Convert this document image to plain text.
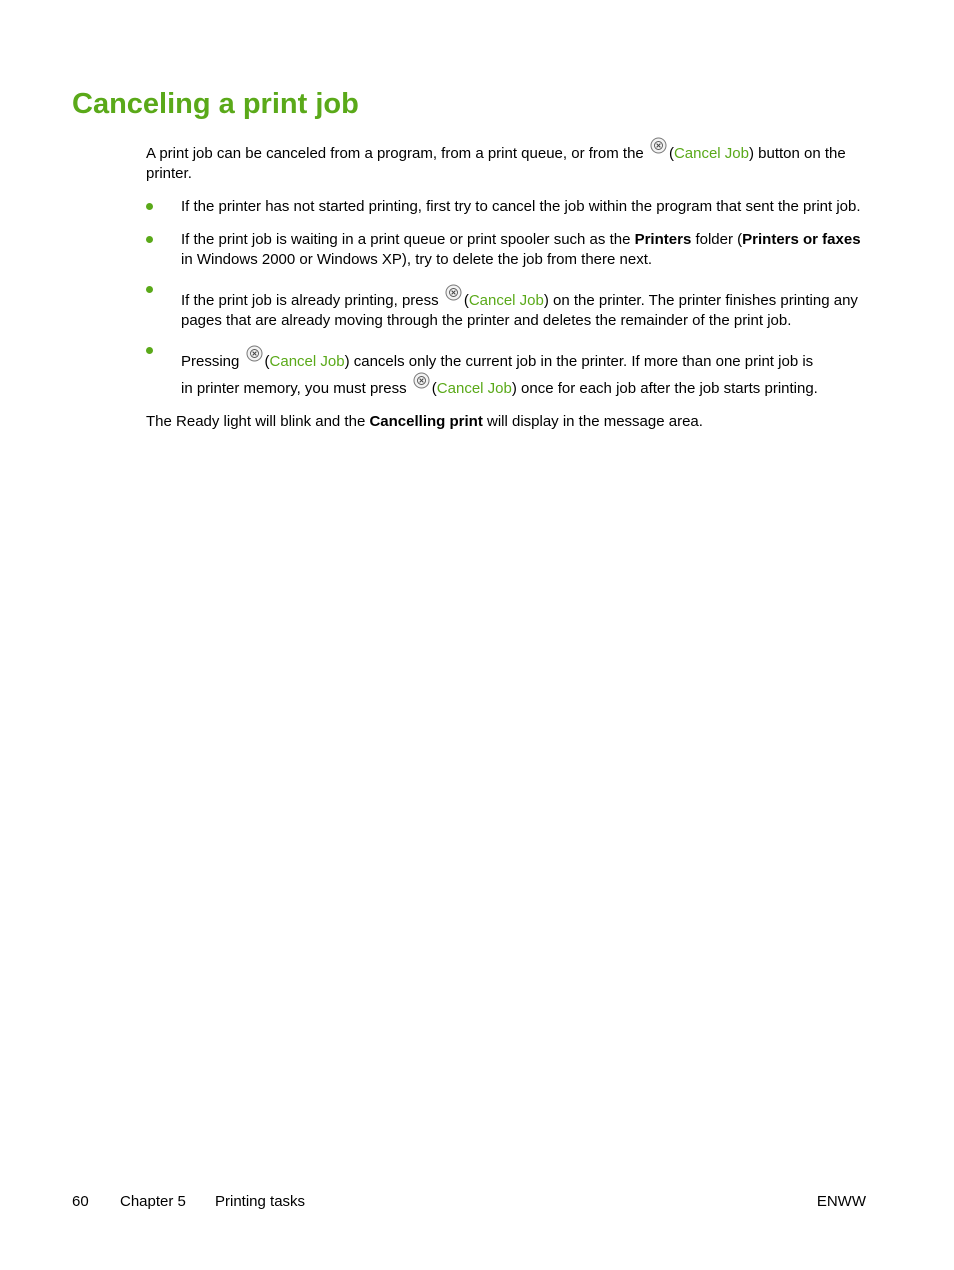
Canceling a print job

A print job can be canceled from a program, from a print queue, or from the (Cancel Job) button on the printer.

If the printer has not started printing, first try to cancel the job within the program that sent the print job.
If the print job is waiting in a print queue or print spooler such as the Printers folder (Printers or faxes in Windows 2000 or Windows XP), try to delete the job from there next.
If the print job is already printing, press (Cancel Job) on the printer. The printer finishes printing any pages that are already moving through the printer and deletes the remainder of the print job.
Pressing (Cancel Job) cancels only the current job in the printer. If more than one print job is
in printer memory, you must press (Cancel Job) once for each job after the job starts printing.

The Ready light will blink and the Cancelling print will display in the message area.

60 Chapter 5 Printing tasks	ENWW
